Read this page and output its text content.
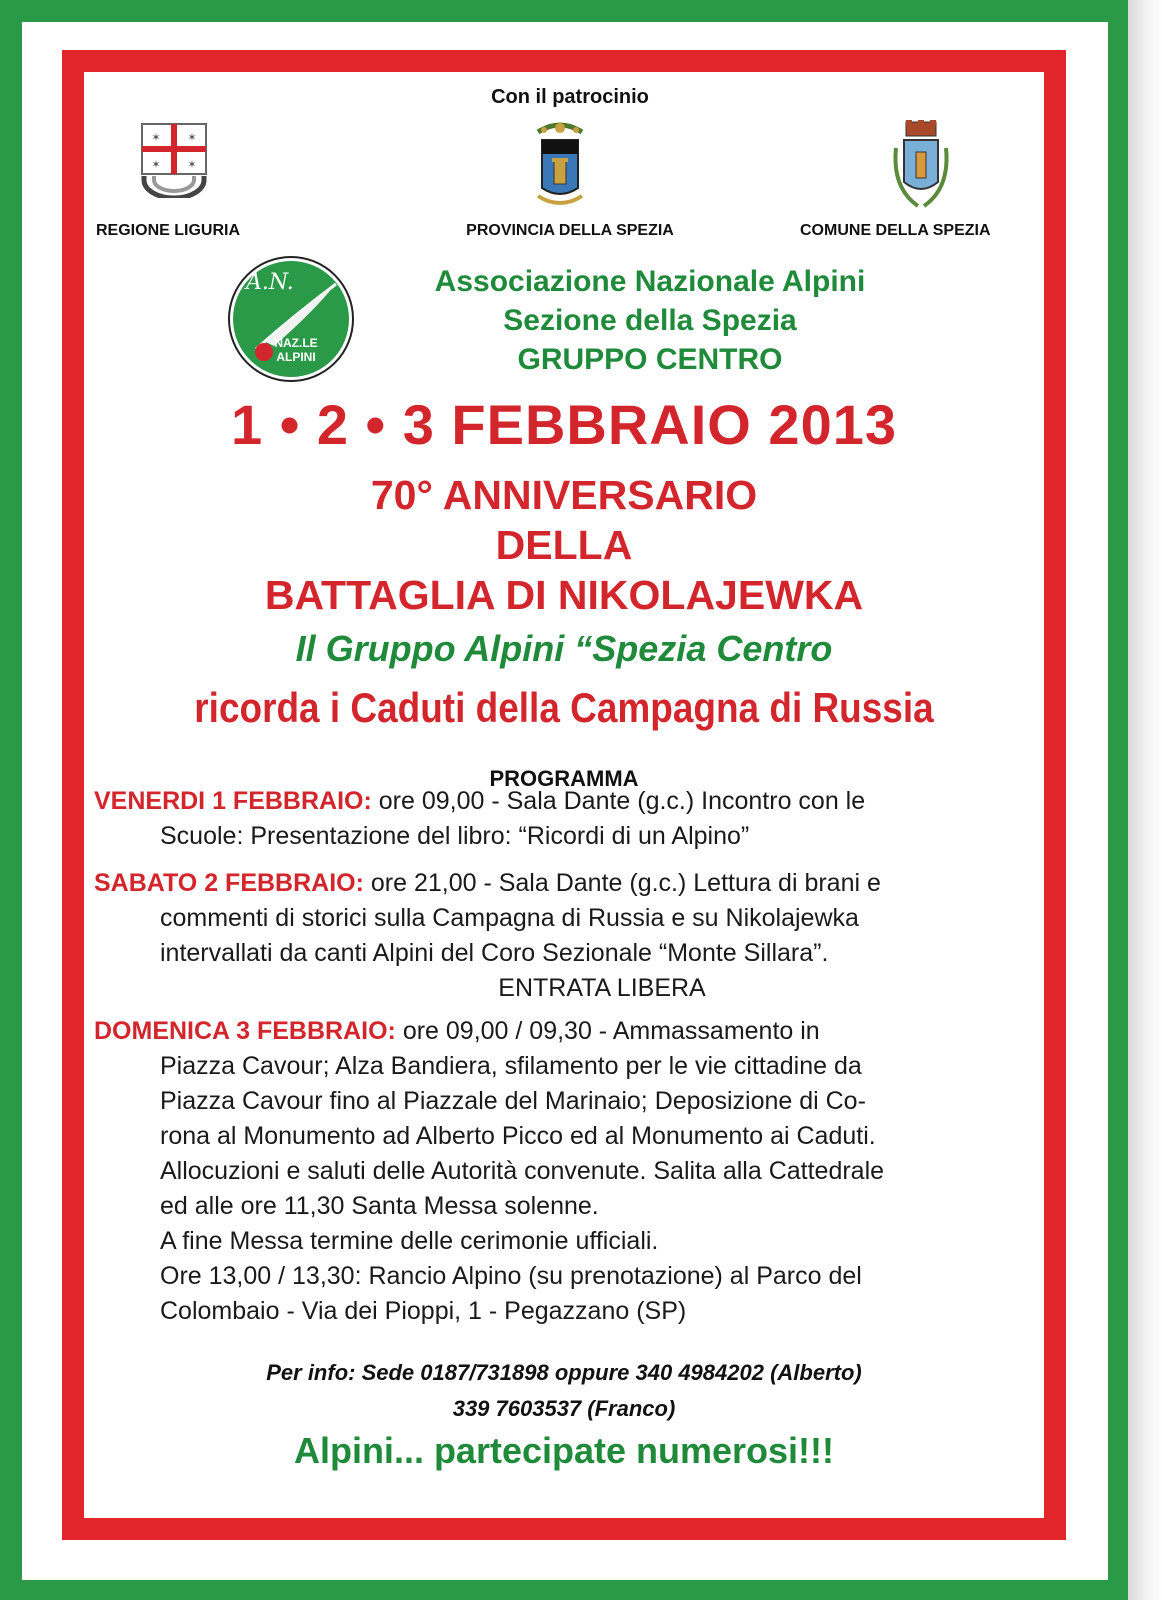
Con il patrocinio
✶ ✶
✶ ✶
REGIONE LIGURIA	PROVINCIA DELLA SPEZIA	COMUNE DELLA SPEZIA
A.N.
NAZ.LE ALPINI
Associazione Nazionale Alpini
Sezione della Spezia
GRUPPO CENTRO
1 • 2 • 3 FEBBRAIO 2013
70° ANNIVERSARIO
DELLA
BATTAGLIA DI NIKOLAJEWKA
Il Gruppo Alpini “Spezia Centro
ricorda i Caduti della Campagna di Russia
PROGRAMMA
VENERDI 1 FEBBRAIO: ore 09,00 - Sala Dante (g.c.) Incontro con le
Scuole: Presentazione del libro: “Ricordi di un Alpino”
SABATO 2 FEBBRAIO: ore 21,00 - Sala Dante (g.c.) Lettura di brani e
commenti di storici sulla Campagna di Russia e su Nikolajewka
intervallati da canti Alpini del Coro Sezionale “Monte Sillara”.
ENTRATA LIBERA
DOMENICA 3 FEBBRAIO: ore 09,00 / 09,30 - Ammassamento in
Piazza Cavour; Alza Bandiera, sfilamento per le vie cittadine da
Piazza Cavour fino al Piazzale del Marinaio; Deposizione di Co-
rona al Monumento ad Alberto Picco ed al Monumento ai Caduti.
Allocuzioni e saluti delle Autorità convenute. Salita alla Cattedrale
ed alle ore 11,30 Santa Messa solenne.
A fine Messa termine delle cerimonie ufficiali.
Ore 13,00 / 13,30: Rancio Alpino (su prenotazione) al Parco del
Colombaio - Via dei Pioppi, 1 - Pegazzano (SP)
Per info: Sede 0187/731898 oppure 340 4984202 (Alberto)
339 7603537 (Franco)
Alpini... partecipate numerosi!!!
